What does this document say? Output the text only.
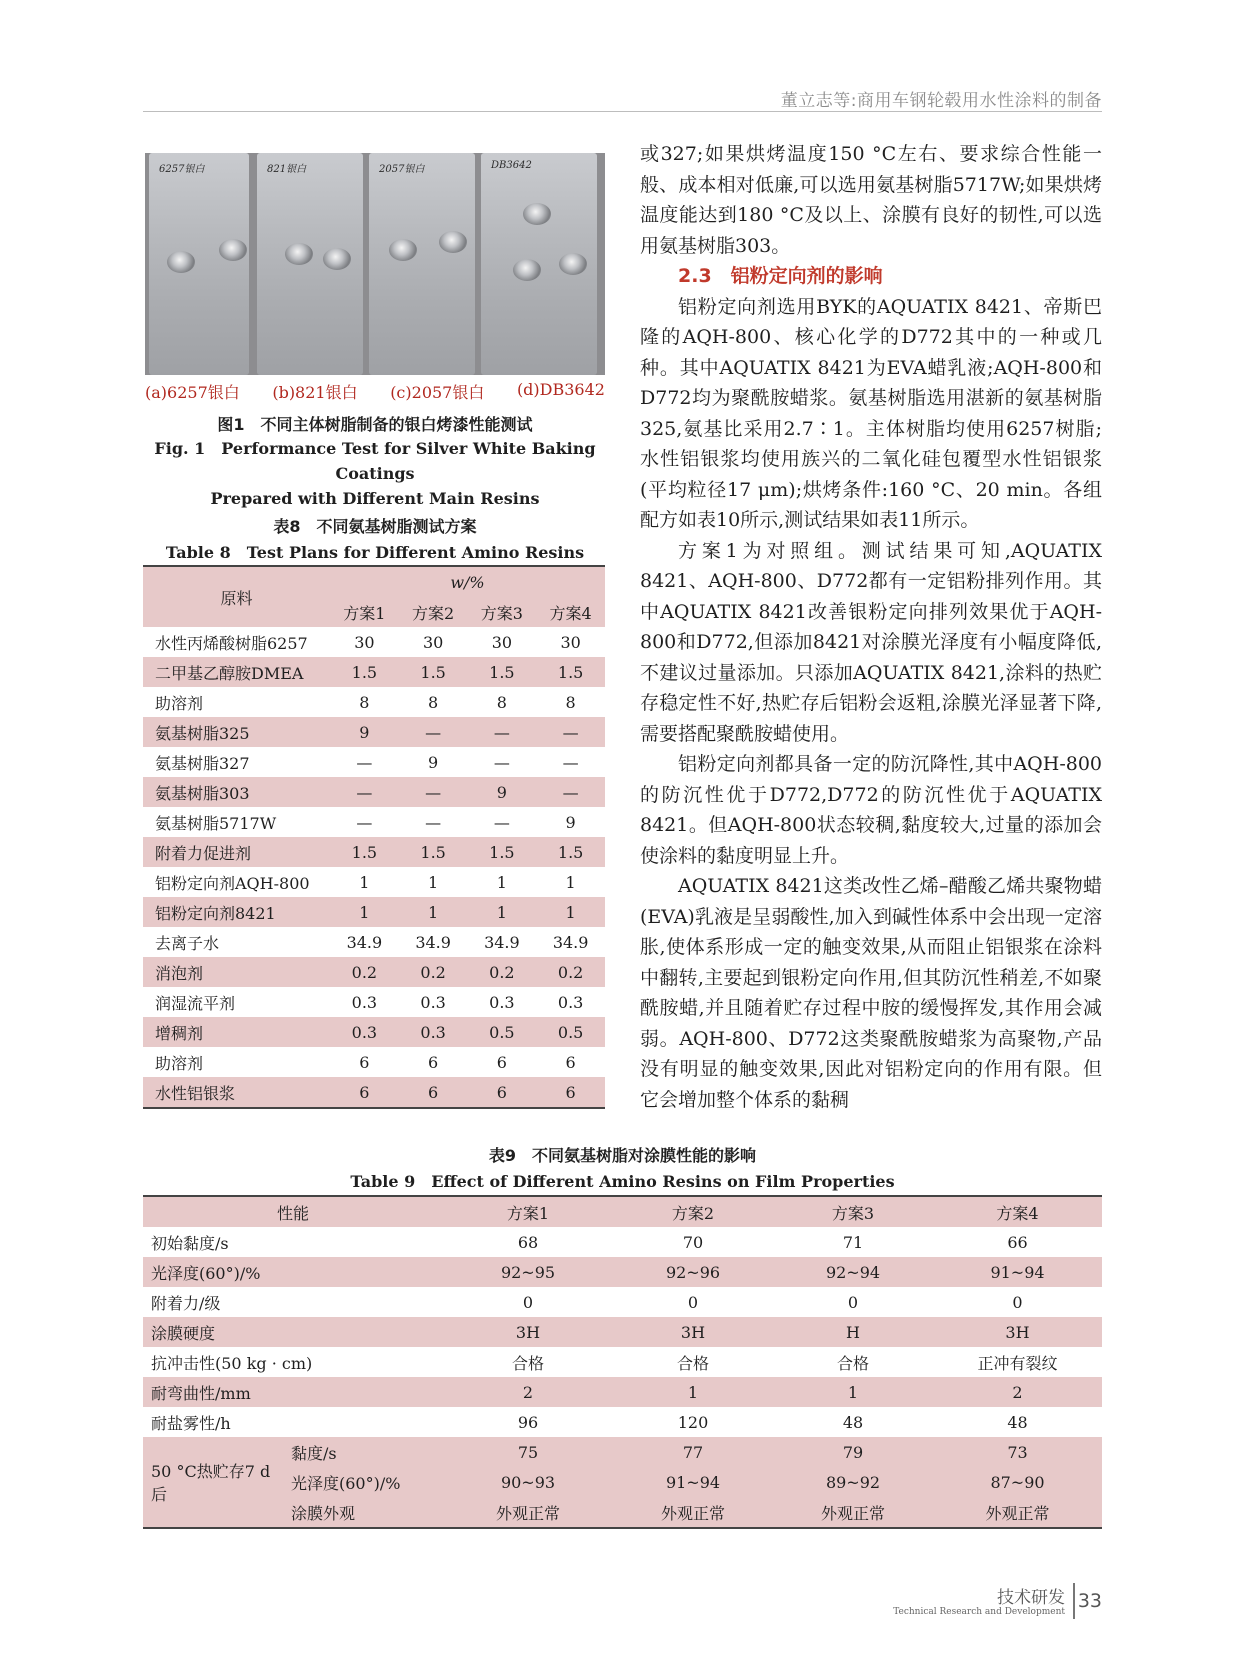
董立志等:商用车钢轮毂用水性涂料的制备
6257银白	821银白	2057银白	DB3642
(a)6257银白 (b)821银白 (c)2057银白 (d)DB3642
图1　不同主体树脂制备的银白烤漆性能测试
Fig. 1　Performance Test for Silver White Baking Coatings
Prepared with Different Main Resins
表8　不同氨基树脂测试方案
Table 8　Test Plans for Different Amino Resins
原料	w/%			
	方案1	方案2	方案3	方案4
水性丙烯酸树脂6257	30	30	30	30
二甲基乙醇胺DMEA	1.5	1.5	1.5	1.5
助溶剂	8	8	8	8
氨基树脂325	9	—	—	—
氨基树脂327	—	9	—	—
氨基树脂303	—	—	9	—
氨基树脂5717W	—	—	—	9
附着力促进剂	1.5	1.5	1.5	1.5
铝粉定向剂AQH-800	1	1	1	1
铝粉定向剂8421	1	1	1	1
去离子水	34.9	34.9	34.9	34.9
消泡剂	0.2	0.2	0.2	0.2
润湿流平剂	0.3	0.3	0.3	0.3
增稠剂	0.3	0.3	0.5	0.5
助溶剂	6	6	6	6
水性铝银浆	6	6	6	6

或327;如果烘烤温度150 °C左右、要求综合性能一般、成本相对低廉,可以选用氨基树脂5717W;如果烘烤温度能达到180 °C及以上、涂膜有良好的韧性,可以选用氨基树脂303。

2.3　铝粉定向剂的影响

铝粉定向剂选用BYK的AQUATIX 8421、帝斯巴隆的AQH-800、核心化学的D772其中的一种或几种。其中AQUATIX 8421为EVA蜡乳液;AQH-800和D772均为聚酰胺蜡浆。氨基树脂选用湛新的氨基树脂325,氨基比采用2.7∶1。主体树脂均使用6257树脂;水性铝银浆均使用族兴的二氧化硅包覆型水性铝银浆(平均粒径17 μm);烘烤条件:160 °C、20 min。各组配方如表10所示,测试结果如表11所示。

方案1为对照组。测试结果可知,AQUATIX 8421、AQH-800、D772都有一定铝粉排列作用。其中AQUATIX 8421改善银粉定向排列效果优于AQH-800和D772,但添加8421对涂膜光泽度有小幅度降低,不建议过量添加。只添加AQUATIX 8421,涂料的热贮存稳定性不好,热贮存后铝粉会返粗,涂膜光泽显著下降,需要搭配聚酰胺蜡使用。

铝粉定向剂都具备一定的防沉降性,其中AQH-800的防沉性优于D772,D772的防沉性优于AQUATIX 8421。但AQH-800状态较稠,黏度较大,过量的添加会使涂料的黏度明显上升。

AQUATIX 8421这类改性乙烯–醋酸乙烯共聚物蜡(EVA)乳液是呈弱酸性,加入到碱性体系中会出现一定溶胀,使体系形成一定的触变效果,从而阻止铝银浆在涂料中翻转,主要起到银粉定向作用,但其防沉性稍差,不如聚酰胺蜡,并且随着贮存过程中胺的缓慢挥发,其作用会减弱。AQH-800、D772这类聚酰胺蜡浆为高聚物,产品没有明显的触变效果,因此对铝粉定向的作用有限。但它会增加整个体系的黏稠

表9　不同氨基树脂对涂膜性能的影响
Table 9　Effect of Different Amino Resins on Film Properties
性能		方案1	方案2	方案3	方案4
初始黏度/s		68	70	71	66
光泽度(60°)/%		92~95	92~96	92~94	91~94
附着力/级		0	0	0	0
涂膜硬度		3H	3H	H	3H
抗冲击性(50 kg · cm)		合格	合格	合格	正冲有裂纹
耐弯曲性/mm		2	1	1	2
耐盐雾性/h		96	120	48	48
50 °C热贮存7 d后	黏度/s	75	77	79	73
	光泽度(60°)/%	90~93	91~94	89~92	87~90
	涂膜外观	外观正常	外观正常	外观正常	外观正常
技术研发
Technical Research and Development 33
